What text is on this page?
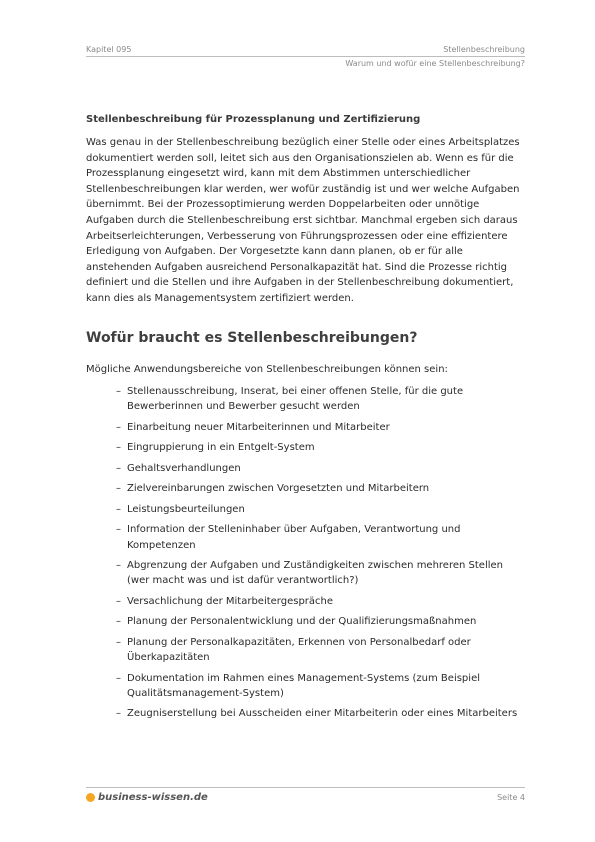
Kapitel 095	Stellenbeschreibung
Warum und wofür eine Stellenbeschreibung?
Stellenbeschreibung für Prozessplanung und Zertifizierung
Was genau in der Stellenbeschreibung bezüglich einer Stelle oder eines Arbeitsplatzes
dokumentiert werden soll, leitet sich aus den Organisationszielen ab. Wenn es für die
Prozessplanung eingesetzt wird, kann mit dem Abstimmen unterschiedlicher
Stellenbeschreibungen klar werden, wer wofür zuständig ist und wer welche Aufgaben
übernimmt. Bei der Prozessoptimierung werden Doppelarbeiten oder unnötige
Aufgaben durch die Stellenbeschreibung erst sichtbar. Manchmal ergeben sich daraus
Arbeitserleichterungen, Verbesserung von Führungsprozessen oder eine effizientere
Erledigung von Aufgaben. Der Vorgesetzte kann dann planen, ob er für alle
anstehenden Aufgaben ausreichend Personalkapazität hat. Sind die Prozesse richtig
definiert und die Stellen und ihre Aufgaben in der Stellenbeschreibung dokumentiert,
kann dies als Managementsystem zertifiziert werden.
Wofür braucht es Stellenbeschreibungen?
Mögliche Anwendungsbereiche von Stellenbeschreibungen können sein:
– Stellenausschreibung, Inserat, bei einer offenen Stelle, für die gute
Bewerberinnen und Bewerber gesucht werden
– Einarbeitung neuer Mitarbeiterinnen und Mitarbeiter
– Eingruppierung in ein Entgelt-System
– Gehaltsverhandlungen
– Zielvereinbarungen zwischen Vorgesetzten und Mitarbeitern
– Leistungsbeurteilungen
– Information der Stelleninhaber über Aufgaben, Verantwortung und
Kompetenzen
– Abgrenzung der Aufgaben und Zuständigkeiten zwischen mehreren Stellen
(wer macht was und ist dafür verantwortlich?)
– Versachlichung der Mitarbeitergespräche
– Planung der Personalentwicklung und der Qualifizierungsmaßnahmen
– Planung der Personalkapazitäten, Erkennen von Personalbedarf oder
Überkapazitäten
– Dokumentation im Rahmen eines Management-Systems (zum Beispiel
Qualitätsmanagement-System)
– Zeugniserstellung bei Ausscheiden einer Mitarbeiterin oder eines Mitarbeiters
business-wissen.de	Seite 4
